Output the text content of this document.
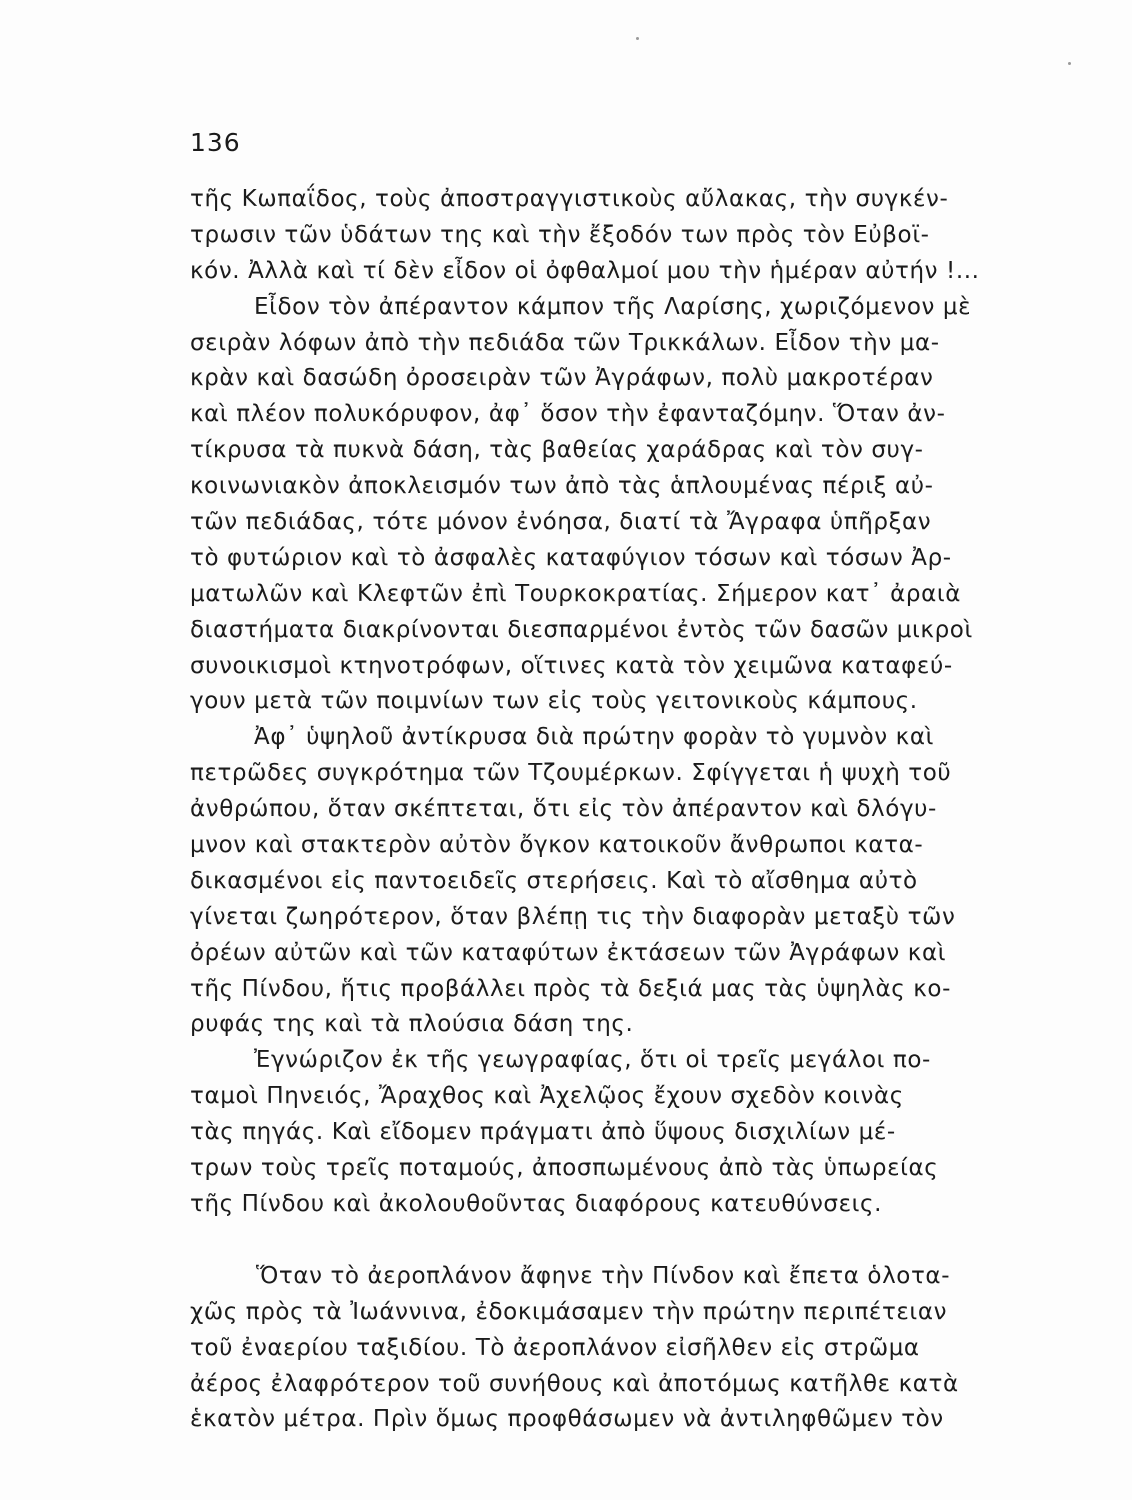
136
τῆς Κωπαΐδος, τοὺς ἀποστραγγιστικοὺς αὔλακας, τὴν συγκέν-
τρωσιν τῶν ὑδάτων της καὶ τὴν ἔξοδόν των πρὸς τὸν Εὐβοϊ-
κόν. Ἀλλὰ καὶ τί δὲν εἶδον οἱ ὀφθαλμοί μου τὴν ἡμέραν αὐτήν !...
Εἶδον τὸν ἀπέραντον κάμπον τῆς Λαρίσης, χωριζόμενον μὲ
σειρὰν λόφων ἀπὸ τὴν πεδιάδα τῶν Τρικκάλων. Εἶδον τὴν μα-
κρὰν καὶ δασώδη ὀροσειρὰν τῶν Ἀγράφων, πολὺ μακροτέραν
καὶ πλέον πολυκόρυφον, ἀφ᾽ ὅσον τὴν ἐφανταζόμην. Ὅταν ἀν-
τίκρυσα τὰ πυκνὰ δάση, τὰς βαθείας χαράδρας καὶ τὸν συγ-
κοινωνιακὸν ἀποκλεισμόν των ἀπὸ τὰς ἁπλουμένας πέριξ αὐ-
τῶν πεδιάδας, τότε μόνον ἐνόησα, διατί τὰ Ἄγραφα ὑπῆρξαν
τὸ φυτώριον καὶ τὸ ἀσφαλὲς καταφύγιον τόσων καὶ τόσων Ἀρ-
ματωλῶν καὶ Κλεφτῶν ἐπὶ Τουρκοκρατίας. Σήμερον κατ᾽ ἀραιὰ
διαστήματα διακρίνονται διεσπαρμένοι ἐντὸς τῶν δασῶν μικροὶ
συνοικισμοὶ κτηνοτρόφων, οἵτινες κατὰ τὸν χειμῶνα καταφεύ-
γουν μετὰ τῶν ποιμνίων των εἰς τοὺς γειτονικοὺς κάμπους.
Ἀφ᾽ ὑψηλοῦ ἀντίκρυσα διὰ πρώτην φορὰν τὸ γυμνὸν καὶ
πετρῶδες συγκρότημα τῶν Τζουμέρκων. Σφίγγεται ἡ ψυχὴ τοῦ
ἀνθρώπου, ὅταν σκέπτεται, ὅτι εἰς τὸν ἀπέραντον καὶ δλόγυ-
μνον καὶ στακτερὸν αὐτὸν ὄγκον κατοικοῦν ἄνθρωποι κατα-
δικασμένοι εἰς παντοειδεῖς στερήσεις. Καὶ τὸ αἴσθημα αὐτὸ
γίνεται ζωηρότερον, ὅταν βλέπῃ τις τὴν διαφορὰν μεταξὺ τῶν
ὀρέων αὐτῶν καὶ τῶν καταφύτων ἐκτάσεων τῶν Ἀγράφων καὶ
τῆς Πίνδου, ἥτις προβάλλει πρὸς τὰ δεξιά μας τὰς ὑψηλὰς κο-
ρυφάς της καὶ τὰ πλούσια δάση της.
Ἐγνώριζον ἐκ τῆς γεωγραφίας, ὅτι οἱ τρεῖς μεγάλοι πο-
ταμοὶ Πηνειός, Ἄραχθος καὶ Ἀχελῷος ἔχουν σχεδὸν κοινὰς
τὰς πηγάς. Καὶ εἴδομεν πράγματι ἀπὸ ὕψους δισχιλίων μέ-
τρων τοὺς τρεῖς ποταμούς, ἀποσπωμένους ἀπὸ τὰς ὑπωρείας
τῆς Πίνδου καὶ ἀκολουθοῦντας διαφόρους κατευθύνσεις.
Ὅταν τὸ ἀεροπλάνον ἄφηνε τὴν Πίνδον καὶ ἔπετα ὁλοτα-
χῶς πρὸς τὰ Ἰωάννινα, ἐδοκιμάσαμεν τὴν πρώτην περιπέτειαν
τοῦ ἐναερίου ταξιδίου. Τὸ ἀεροπλάνον εἰσῆλθεν εἰς στρῶμα
ἀέρος ἐλαφρότερον τοῦ συνήθους καὶ ἀποτόμως κατῆλθε κατὰ
ἑκατὸν μέτρα. Πρὶν ὅμως προφθάσωμεν νὰ ἀντιληφθῶμεν τὸν
